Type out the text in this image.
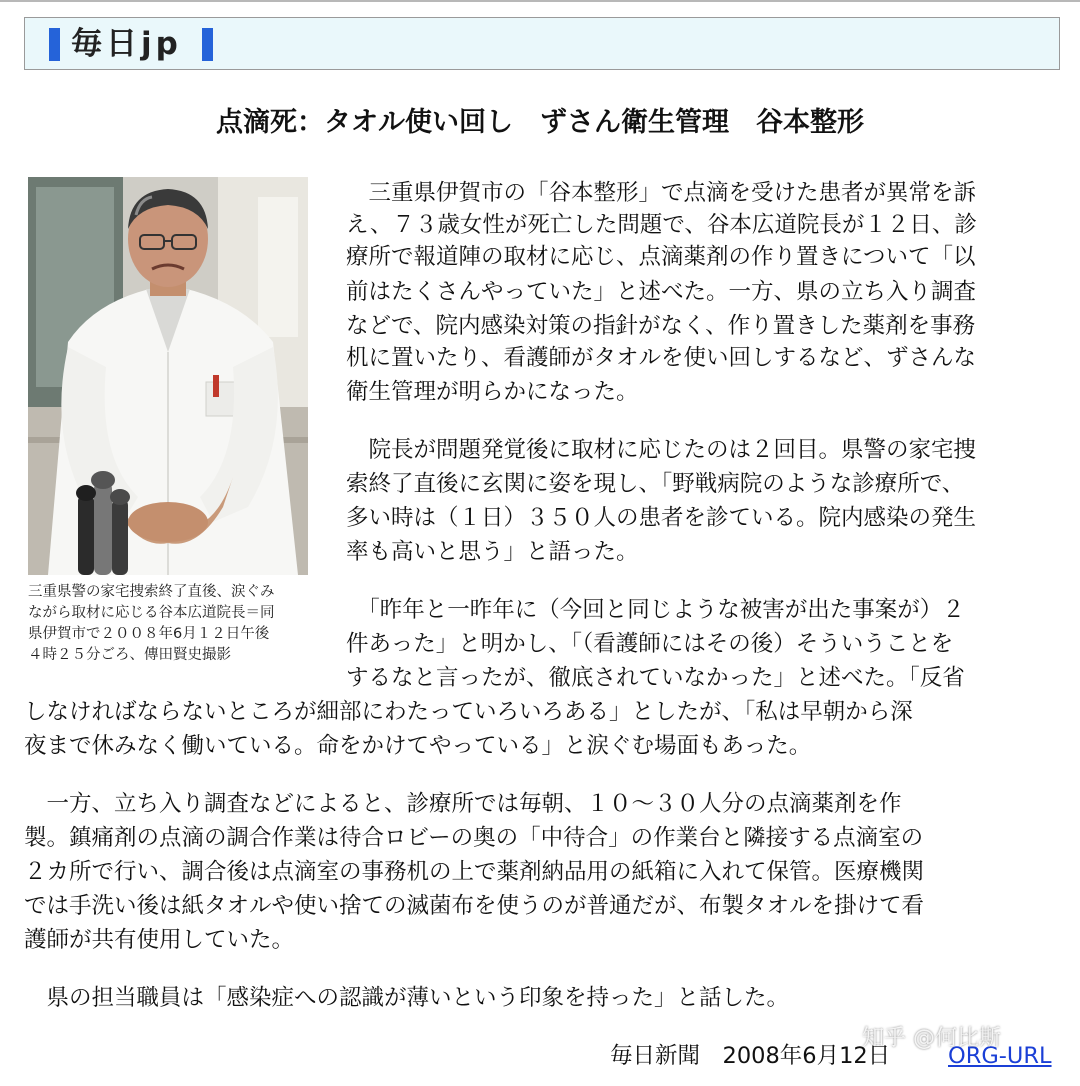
毎日jp
点滴死：タオル使い回し　ずさん衛生管理　谷本整形
三重県警の家宅捜索終了直後、涙ぐみ
ながら取材に応じる谷本広道院長＝同
県伊賀市で２００８年6月１２日午後
４時２５分ごろ、傳田賢史撮影
　三重県伊賀市の「谷本整形」で点滴を受けた患者が異常を訴
え、７３歳女性が死亡した問題で、谷本広道院長が１２日、診
療所で報道陣の取材に応じ、点滴薬剤の作り置きについて「以
前はたくさんやっていた」と述べた。一方、県の立ち入り調査
などで、院内感染対策の指針がなく、作り置きした薬剤を事務
机に置いたり、看護師がタオルを使い回しするなど、ずさんな
衛生管理が明らかになった。
　院長が問題発覚後に取材に応じたのは２回目。県警の家宅捜
索終了直後に玄関に姿を現し、「野戦病院のような診療所で、
多い時は（１日）３５０人の患者を診ている。院内感染の発生
率も高いと思う」と語った。
　「昨年と一昨年に（今回と同じような被害が出た事案が）２
件あった」と明かし、「（看護師にはその後）そういうことを
するなと言ったが、徹底されていなかった」と述べた。「反省
しなければならないところが細部にわたっていろいろある」としたが、「私は早朝から深
夜まで休みなく働いている。命をかけてやっている」と涙ぐむ場面もあった。
　一方、立ち入り調査などによると、診療所では毎朝、１０～３０人分の点滴薬剤を作
製。鎮痛剤の点滴の調合作業は待合ロビーの奥の「中待合」の作業台と隣接する点滴室の
２カ所で行い、調合後は点滴室の事務机の上で薬剤納品用の紙箱に入れて保管。医療機関
では手洗い後は紙タオルや使い捨ての滅菌布を使うのが普通だが、布製タオルを掛けて看
護師が共有使用していた。
　県の担当職員は「感染症への認識が薄いという印象を持った」と話した。
毎日新聞　2008年6月12日	ORG-URL
知乎 @何比斯
